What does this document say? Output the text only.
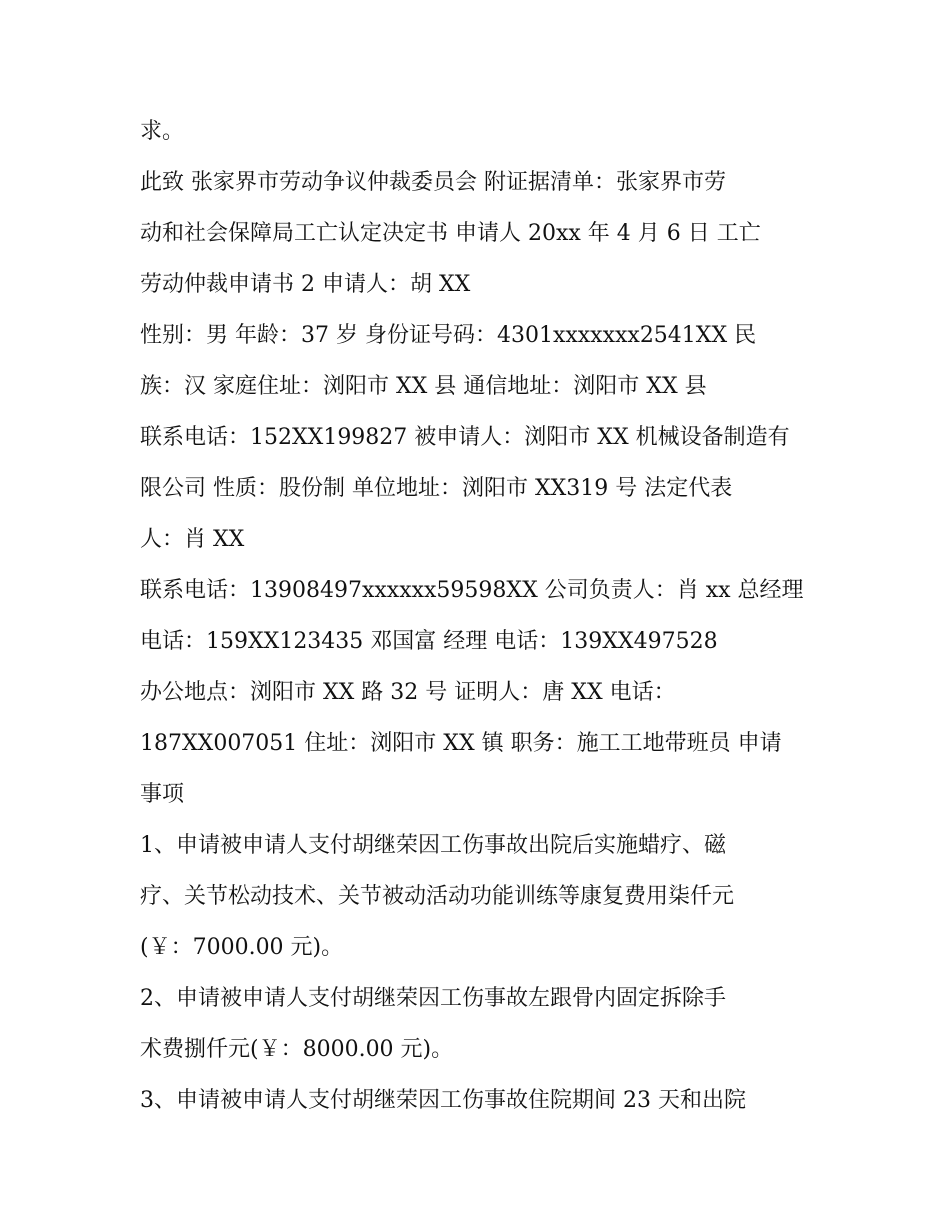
求。
此致 张家界市劳动争议仲裁委员会 附证据清单：张家界市劳
动和社会保障局工亡认定决定书 申请人 20xx 年 4 月 6 日 工亡
劳动仲裁申请书 2 申请人：胡 XX
性别：男 年龄：37 岁 身份证号码：4301xxxxxxx2541XX 民
族：汉 家庭住址：浏阳市 XX 县 通信地址：浏阳市 XX 县
联系电话：152XX199827 被申请人：浏阳市 XX 机械设备制造有
限公司 性质：股份制 单位地址：浏阳市 XX319 号 法定代表
人：肖 XX
联系电话：13908497xxxxxx59598XX 公司负责人：肖 xx 总经理
电话：159XX123435 邓国富 经理 电话：139XX497528
办公地点：浏阳市 XX 路 32 号 证明人：唐 XX 电话：
187XX007051 住址：浏阳市 XX 镇 职务：施工工地带班员 申请
事项
1、申请被申请人支付胡继荣因工伤事故出院后实施蜡疗、磁
疗、关节松动技术、关节被动活动功能训练等康复费用柒仟元
(￥：7000.00 元)。
2、申请被申请人支付胡继荣因工伤事故左跟骨内固定拆除手
术费捌仟元(￥：8000.00 元)。
3、申请被申请人支付胡继荣因工伤事故住院期间 23 天和出院
